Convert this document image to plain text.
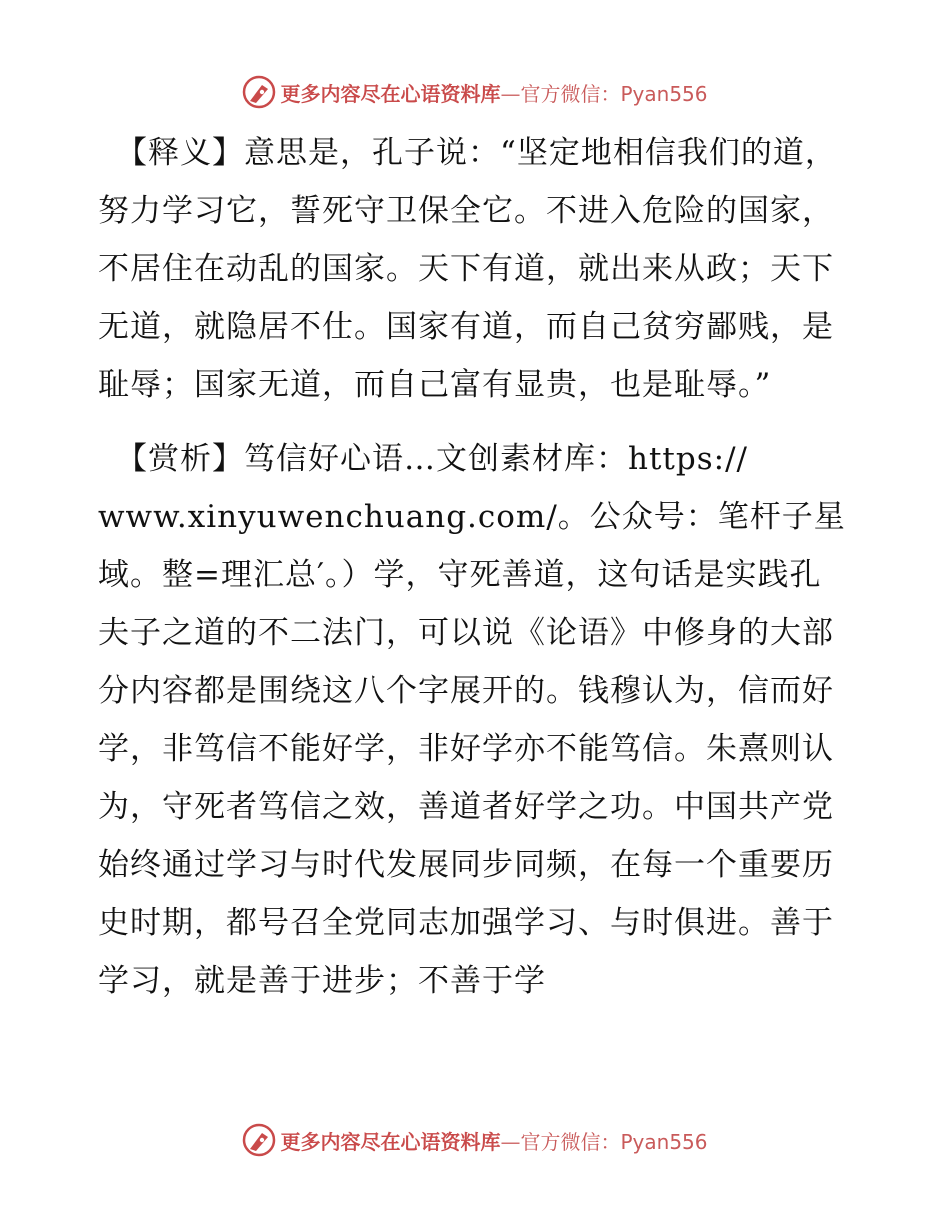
更多内容尽在心语资料库—官方微信：Pyan556

【释义】意思是，孔子说：“坚定地相信我们的道，努力学习它，誓死守卫保全它。不进入危险的国家，不居住在动乱的国家。天下有道，就出来从政；天下无道，就隐居不仕。国家有道，而自己贫穷鄙贱，是耻辱；国家无道，而自己富有显贵，也是耻辱。”

【赏析】笃信好心语…文创素材库：https://
www.xinyuwenchuang.com/。公众号：笔杆子星
域。整=理汇总′。）学，守死善道，这句话是实践孔夫子之道的不二法门，可以说《论语》中修身的大部分内容都是围绕这八个字展开的。钱穆认为，信而好学，非笃信不能好学，非好学亦不能笃信。朱熹则认为，守死者笃信之效，善道者好学之功。中国共产党始终通过学习与时代发展同步同频，在每一个重要历史时期，都号召全党同志加强学习、与时俱进。善于学习，就是善于进步；不善于学

更多内容尽在心语资料库—官方微信：Pyan556
